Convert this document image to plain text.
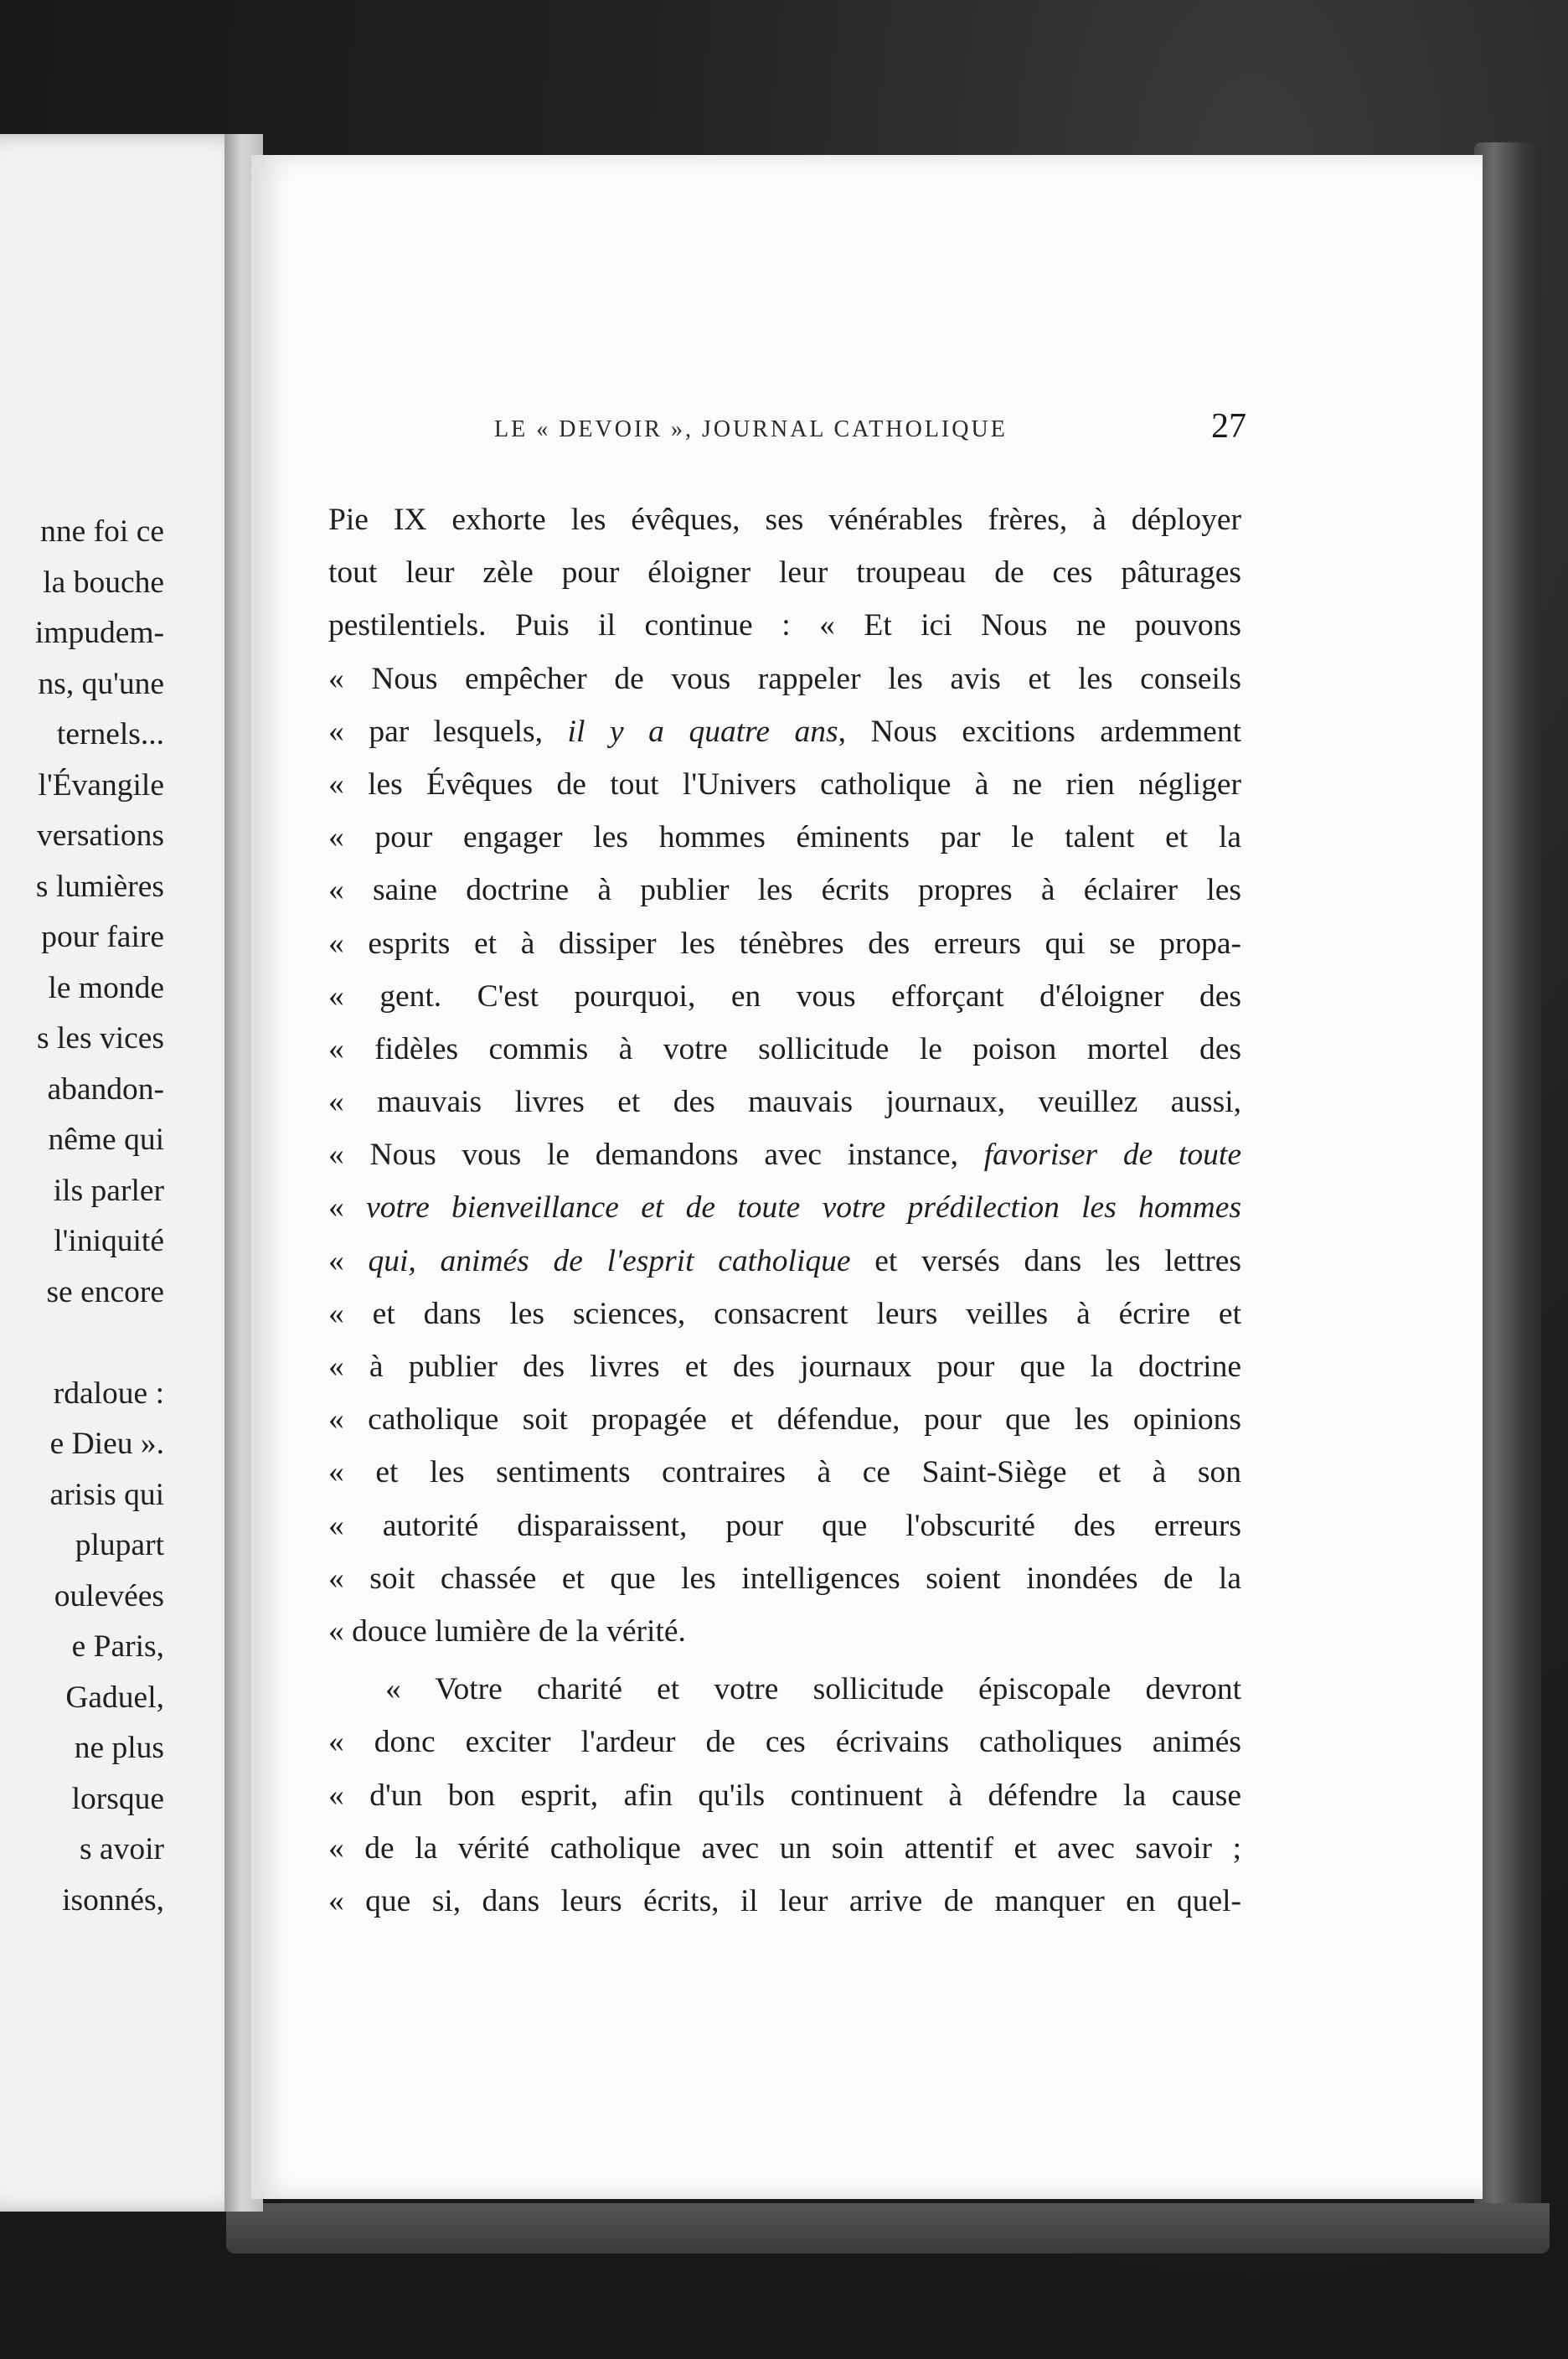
nne foi ce
la bouche
impudem-
ns, qu'une
ternels...
l'Évangile
versations
s lumières
pour faire
le monde
s les vices
abandon-
nême qui
ils parler
l'iniquité
se encore
rdaloue :
e Dieu ».
arisis qui
plupart
oulevées
e Paris,
Gaduel,
ne plus
lorsque
s avoir
isonnés,
LE « DEVOIR », JOURNAL CATHOLIQUE	27
Pie IX exhorte les évêques, ses vénérables frères, à déployer
tout leur zèle pour éloigner leur troupeau de ces pâturages
pestilentiels. Puis il continue : « Et ici Nous ne pouvons
« Nous empêcher de vous rappeler les avis et les conseils
« par lesquels, il y a quatre ans, Nous excitions ardemment
« les Évêques de tout l'Univers catholique à ne rien négliger
« pour engager les hommes éminents par le talent et la
« saine doctrine à publier les écrits propres à éclairer les
« esprits et à dissiper les ténèbres des erreurs qui se propa-
« gent. C'est pourquoi, en vous efforçant d'éloigner des
« fidèles commis à votre sollicitude le poison mortel des
« mauvais livres et des mauvais journaux, veuillez aussi,
« Nous vous le demandons avec instance, favoriser de toute
« votre bienveillance et de toute votre prédilection les hommes
« qui, animés de l'esprit catholique et versés dans les lettres
« et dans les sciences, consacrent leurs veilles à écrire et
« à publier des livres et des journaux pour que la doctrine
« catholique soit propagée et défendue, pour que les opinions
« et les sentiments contraires à ce Saint-Siège et à son
« autorité disparaissent, pour que l'obscurité des erreurs
« soit chassée et que les intelligences soient inondées de la
« douce lumière de la vérité.
« Votre charité et votre sollicitude épiscopale devront
« donc exciter l'ardeur de ces écrivains catholiques animés
« d'un bon esprit, afin qu'ils continuent à défendre la cause
« de la vérité catholique avec un soin attentif et avec savoir ;
« que si, dans leurs écrits, il leur arrive de manquer en quel-
